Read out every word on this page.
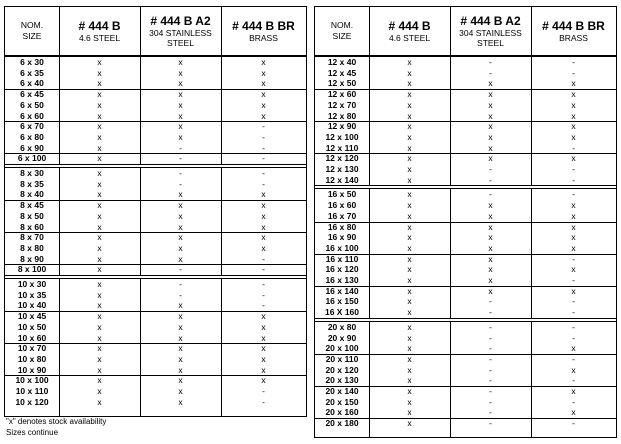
NOM.
SIZE
# 444 B
4.6 STEEL
# 444 B A2
304 STAINLESS
STEEL
# 444 B BR
BRASS
6 x 30	x	x	x
6 x 35	x	x	x
6 x 40	x	x	x
6 x 45	x	x	x
6 x 50	x	x	x
6 x 60	x	x	x
6 x 70	x	x	-
6 x 80	x	x	-
6 x 90	x	-	-
6 x 100	x	-	-
8 x 30	x	-	-
8 x 35	x	-	-
8 x 40	x	x	x
8 x 45	x	x	x
8 x 50	x	x	x
8 x 60	x	x	x
8 x 70	x	x	x
8 x 80	x	x	x
8 x 90	x	x	-
8 x 100	x	-	-
10 x 30	x	-	-
10 x 35	x	-	-
10 x 40	x	x	-
10 x 45	x	x	x
10 x 50	x	x	x
10 x 60	x	x	x
10 x 70	x	x	x
10 x 80	x	x	x
10 x 90	x	x	x
10 x 100	x	x	x
10 x 110	x	x	-
10 x 120	x	x	-
NOM.
SIZE
# 444 B
4.6 STEEL
# 444 B A2
304 STAINLESS
STEEL
# 444 B BR
BRASS
12 x 40	x	-	-
12 x 45	x	-	-
12 x 50	x	x	x
12 x 60	x	x	x
12 x 70	x	x	x
12 x 80	x	x	x
12 x 90	x	x	x
12 x 100	x	x	x
12 x 110	x	x	-
12 x 120	x	x	x
12 x 130	x	-	-
12 x 140	x	-	-
16 x 50	x	-	-
16 x 60	x	x	x
16 x 70	x	x	x
16 x 80	x	x	x
16 x 90	x	x	x
16 x 100	x	x	x
16 x 110	x	x	-
16 x 120	x	x	x
16 x 130	x	x	-
16 x 140	x	x	x
16 x 150	x	-	-
16 X 160	x	-	-
20 x 80	x	-	-
20 x 90	x	-	-
20 x 100	x	-	x
20 x 110	x	-	-
20 x 120	x	-	x
20 x 130	x	-	-
20 x 140	x	-	x
20 x 150	x	-	-
20 x 160	x	-	x
20 x 180	x	-	-
"x" denotes stock availability
Sizes continue
